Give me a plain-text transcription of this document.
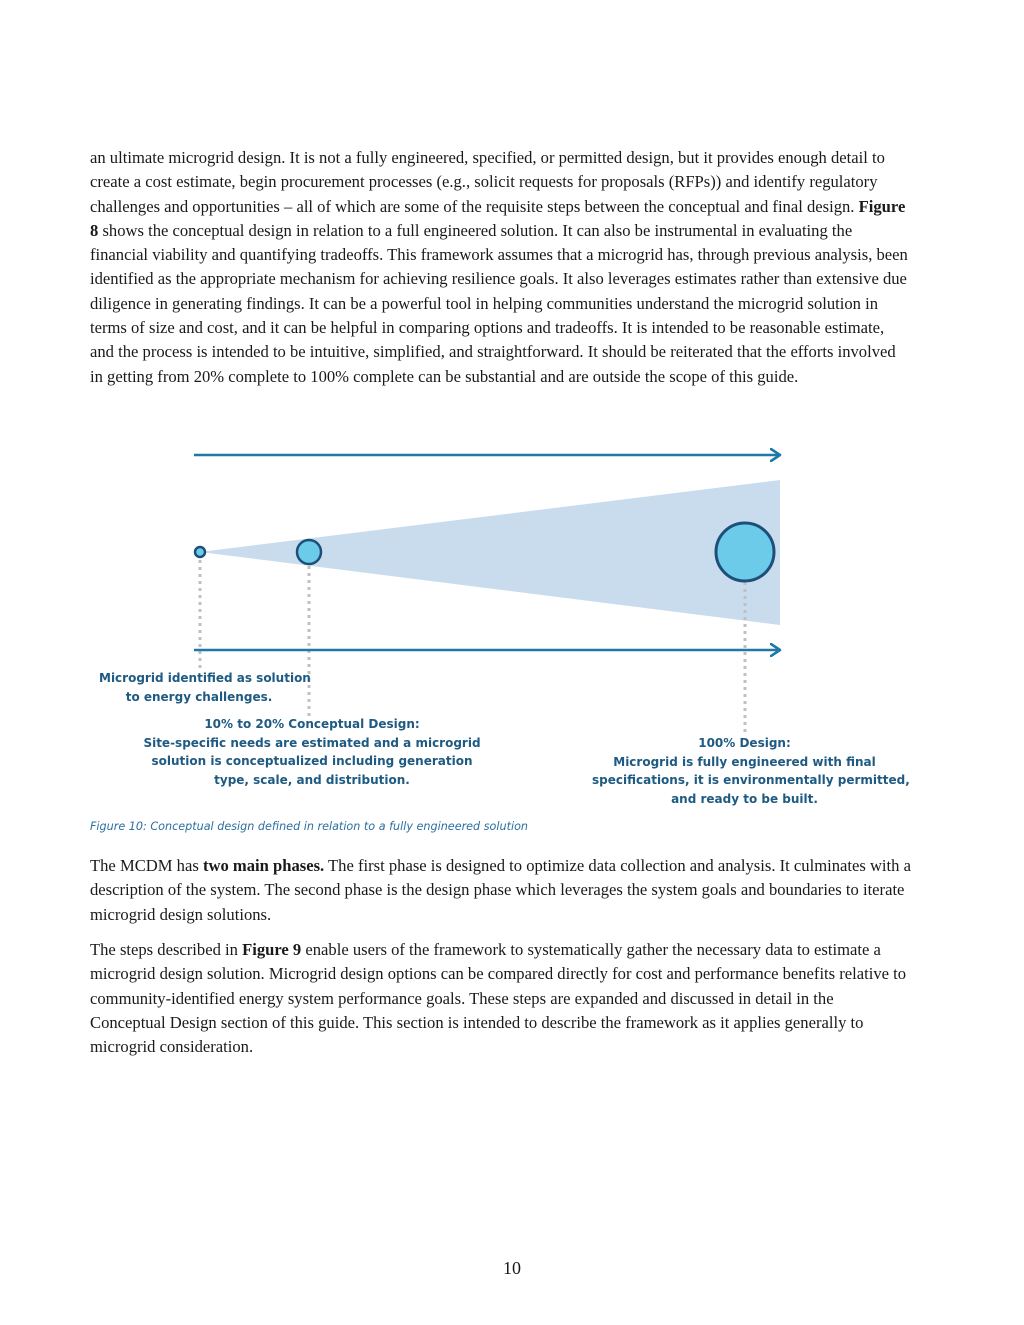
an ultimate microgrid design. It is not a fully engineered, specified, or permitted design, but it provides enough detail to create a cost estimate, begin procurement processes (e.g., solicit requests for proposals (RFPs)) and identify regulatory challenges and opportunities – all of which are some of the requisite steps between the conceptual and final design. Figure 8 shows the conceptual design in relation to a full engineered solution. It can also be instrumental in evaluating the financial viability and quantifying tradeoffs. This framework assumes that a microgrid has, through previous analysis, been identified as the appropriate mechanism for achieving resilience goals. It also leverages estimates rather than extensive due diligence in generating findings. It can be a powerful tool in helping communities understand the microgrid solution in terms of size and cost, and it can be helpful in comparing options and tradeoffs. It is intended to be reasonable estimate, and the process is intended to be intuitive, simplified, and straightforward. It should be reiterated that the efforts involved in getting from 20% complete to 100% complete can be substantial and are outside the scope of this guide.

Microgrid identified as solution
to energy challenges.
10% to 20% Conceptual Design:
Site-specific needs are estimated and a microgrid
solution is conceptualized including generation
type, scale, and distribution.
100% Design:
Microgrid is fully engineered with final
specifications, it is environmentally permitted,
and ready to be built.
Figure 10: Conceptual design defined in relation to a fully engineered solution

The MCDM has two main phases. The first phase is designed to optimize data collection and analysis. It culminates with a description of the system. The second phase is the design phase which leverages the system goals and boundaries to iterate microgrid design solutions.

The steps described in Figure 9 enable users of the framework to systematically gather the necessary data to estimate a microgrid design solution. Microgrid design options can be compared directly for cost and performance benefits relative to community-identified energy system performance goals. These steps are expanded and discussed in detail in the Conceptual Design section of this guide. This section is intended to describe the framework as it applies generally to microgrid consideration.

10
